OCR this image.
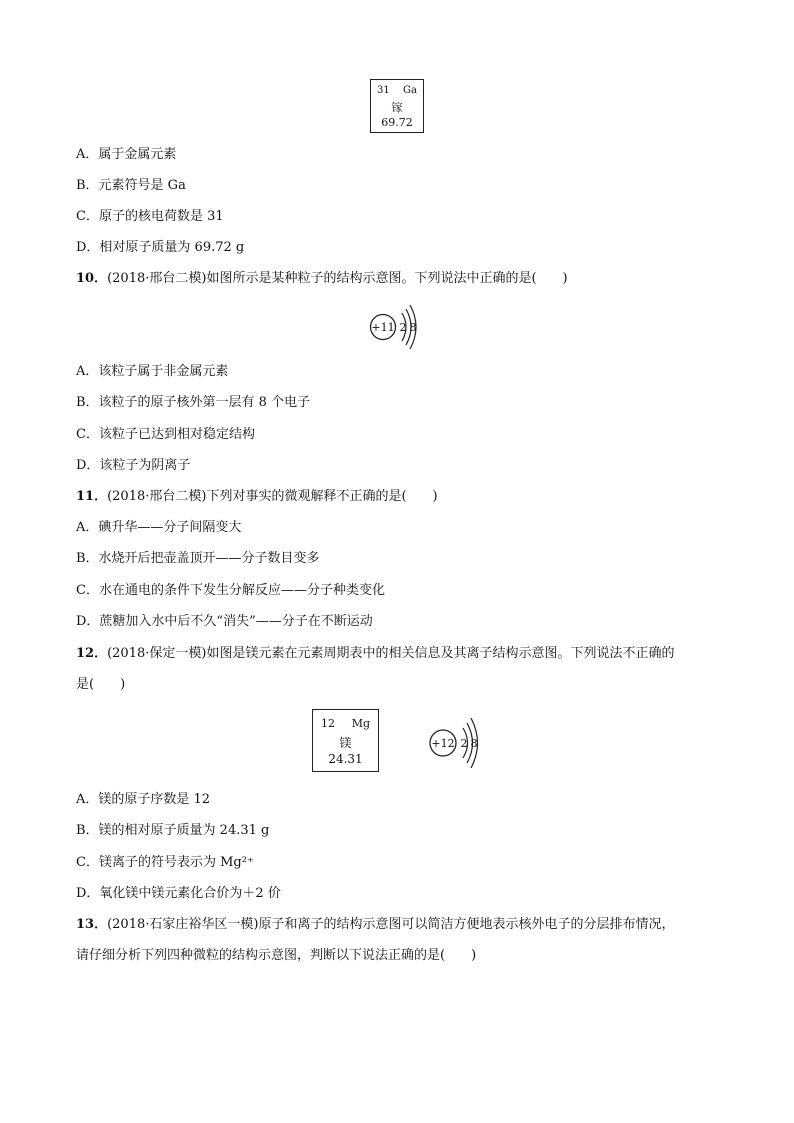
31 Ga
镓
69.72
A．属于金属元素
B．元素符号是 Ga
C．原子的核电荷数是 31
D．相对原子质量为 69.72 g
10．(2018·邢台二模)如图所示是某种粒子的结构示意图。下列说法中正确的是(　　)
+11 2 8
A．该粒子属于非金属元素
B．该粒子的原子核外第一层有 8 个电子
C．该粒子已达到相对稳定结构
D．该粒子为阴离子
11．(2018·邢台二模)下列对事实的微观解释不正确的是(　　)
A．碘升华——分子间隔变大
B．水烧开后把壶盖顶开——分子数目变多
C．水在通电的条件下发生分解反应——分子种类变化
D．蔗糖加入水中后不久“消失”——分子在不断运动
12．(2018·保定一模)如图是镁元素在元素周期表中的相关信息及其离子结构示意图。下列说法不正确的
是(　　)
12 Mg
镁
24.31
+12 2 8
A．镁的原子序数是 12
B．镁的相对原子质量为 24.31 g
C．镁离子的符号表示为 Mg²⁺
D．氧化镁中镁元素化合价为＋2 价
13．(2018·石家庄裕华区一模)原子和离子的结构示意图可以简洁方便地表示核外电子的分层排布情况，
请仔细分析下列四种微粒的结构示意图，判断以下说法正确的是(　　)
